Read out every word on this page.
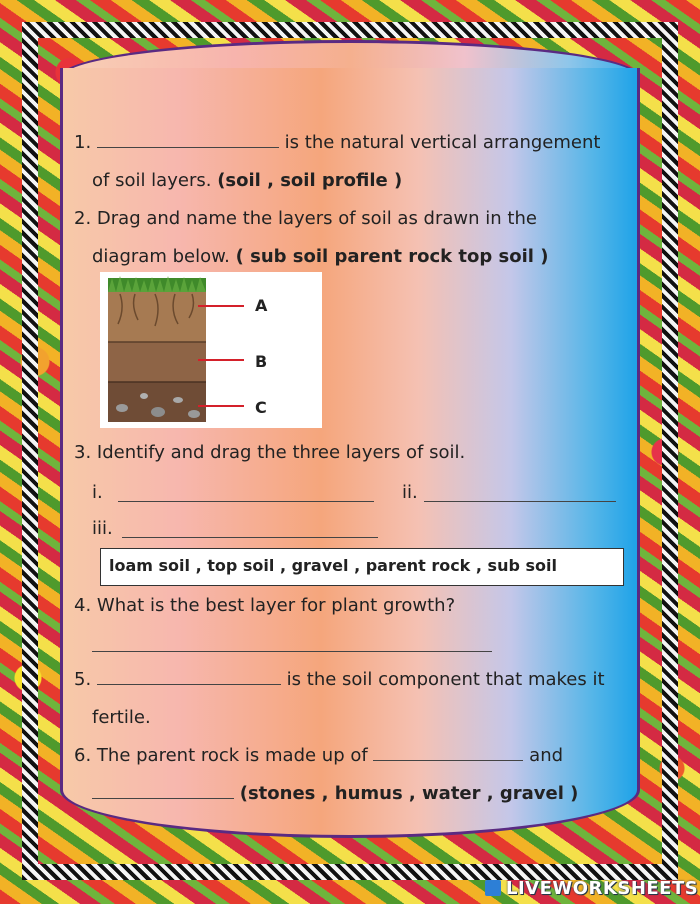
1.	is the natural vertical arrangement
of soil layers. (soil , soil profile )
2. Drag and name the layers of soil as drawn in the
diagram below. ( sub soil parent rock top soil )
A
B
C
3. Identify and drag the three layers of soil.
i.	ii.
iii.
loam soil , top soil , gravel , parent rock , sub soil
4. What is the best layer for plant growth?
5.	is the soil component that makes it
fertile.
6. The parent rock is made up of	and
(stones , humus , water , gravel )
LIVEWORKSHEETS
